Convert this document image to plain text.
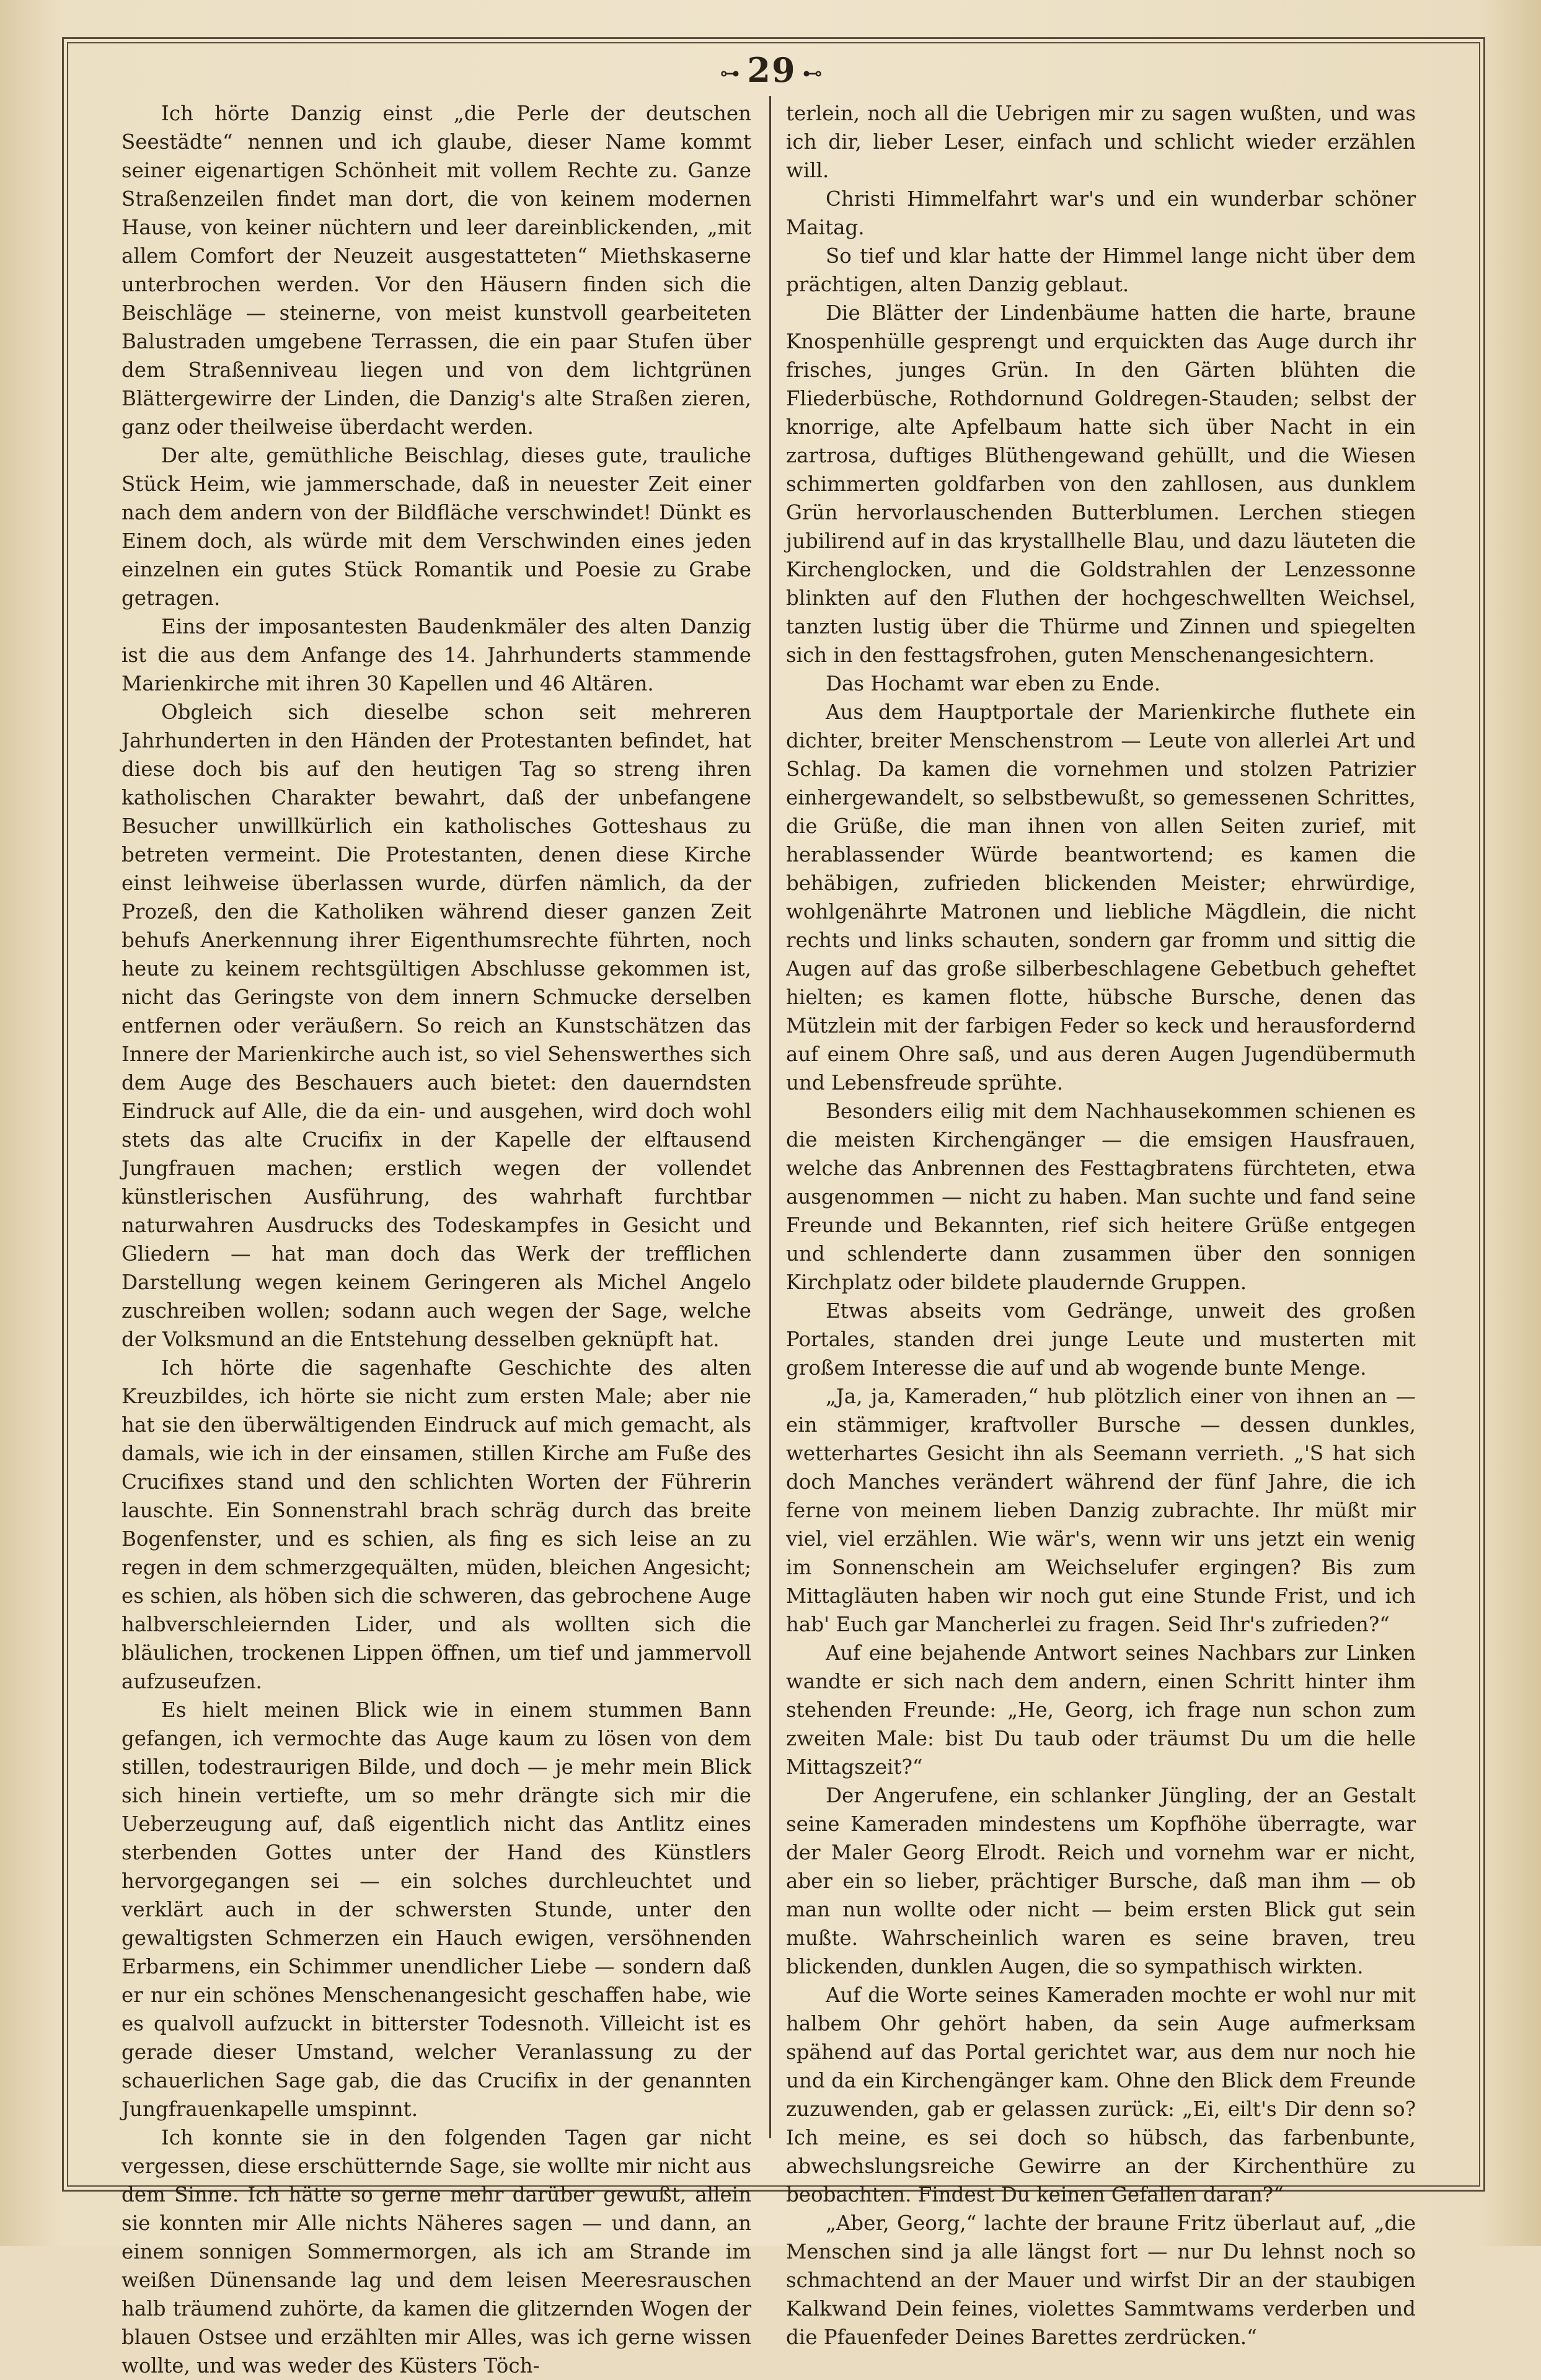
⊶ 29 ⊷

Ich hörte Danzig einst „die Perle der deutschen Seestädte“ nennen und ich glaube, dieser Name kommt seiner eigenartigen Schönheit mit vollem Rechte zu. Ganze Straßenzeilen findet man dort, die von keinem modernen Hause, von keiner nüchtern und leer dareinblickenden, „mit allem Comfort der Neuzeit ausgestatteten“ Miethskaserne unterbrochen werden. Vor den Häusern finden sich die Beischläge — steinerne, von meist kunstvoll gearbeiteten Balustraden umgebene Terrassen, die ein paar Stufen über dem Straßenniveau liegen und von dem lichtgrünen Blättergewirre der Linden, die Danzig's alte Straßen zieren, ganz oder theilweise überdacht werden.

Der alte, gemüthliche Beischlag, dieses gute, trauliche Stück Heim, wie jammerschade, daß in neuester Zeit einer nach dem andern von der Bildfläche verschwindet! Dünkt es Einem doch, als würde mit dem Verschwinden eines jeden einzelnen ein gutes Stück Romantik und Poesie zu Grabe getragen.

Eins der imposantesten Baudenkmäler des alten Danzig ist die aus dem Anfange des 14. Jahrhunderts stammende Marienkirche mit ihren 30 Kapellen und 46 Altären.

Obgleich sich dieselbe schon seit mehreren Jahrhunderten in den Händen der Protestanten befindet, hat diese doch bis auf den heutigen Tag so streng ihren katholischen Charakter bewahrt, daß der unbefangene Besucher unwillkürlich ein katholisches Gotteshaus zu betreten vermeint. Die Protestanten, denen diese Kirche einst leihweise überlassen wurde, dürfen nämlich, da der Prozeß, den die Katholiken während dieser ganzen Zeit behufs Anerkennung ihrer Eigenthumsrechte führten, noch heute zu keinem rechtsgültigen Abschlusse gekommen ist, nicht das Geringste von dem innern Schmucke derselben entfernen oder veräußern. So reich an Kunstschätzen das Innere der Marienkirche auch ist, so viel Sehenswerthes sich dem Auge des Beschauers auch bietet: den dauerndsten Eindruck auf Alle, die da ein- und ausgehen, wird doch wohl stets das alte Crucifix in der Kapelle der elftausend Jungfrauen machen; erstlich wegen der vollendet künstlerischen Ausführung, des wahrhaft furchtbar naturwahren Ausdrucks des Todeskampfes in Gesicht und Gliedern — hat man doch das Werk der trefflichen Darstellung wegen keinem Geringeren als Michel Angelo zuschreiben wollen; sodann auch wegen der Sage, welche der Volksmund an die Entstehung desselben geknüpft hat.

Ich hörte die sagenhafte Geschichte des alten Kreuzbildes, ich hörte sie nicht zum ersten Male; aber nie hat sie den überwältigenden Eindruck auf mich gemacht, als damals, wie ich in der einsamen, stillen Kirche am Fuße des Crucifixes stand und den schlichten Worten der Führerin lauschte. Ein Sonnenstrahl brach schräg durch das breite Bogenfenster, und es schien, als fing es sich leise an zu regen in dem schmerzgequälten, müden, bleichen Angesicht; es schien, als höben sich die schweren, das gebrochene Auge halbverschleiernden Lider, und als wollten sich die bläulichen, trockenen Lippen öffnen, um tief und jammervoll aufzuseufzen.

Es hielt meinen Blick wie in einem stummen Bann gefangen, ich vermochte das Auge kaum zu lösen von dem stillen, todestraurigen Bilde, und doch — je mehr mein Blick sich hinein vertiefte, um so mehr drängte sich mir die Ueberzeugung auf, daß eigentlich nicht das Antlitz eines sterbenden Gottes unter der Hand des Künstlers hervorgegangen sei — ein solches durchleuchtet und verklärt auch in der schwersten Stunde, unter den gewaltigsten Schmerzen ein Hauch ewigen, versöhnenden Erbarmens, ein Schimmer unendlicher Liebe — sondern daß er nur ein schönes Menschenangesicht geschaffen habe, wie es qualvoll aufzuckt in bitterster Todesnoth. Villeicht ist es gerade dieser Umstand, welcher Veranlassung zu der schauerlichen Sage gab, die das Crucifix in der genannten Jungfrauenkapelle umspinnt.

Ich konnte sie in den folgenden Tagen gar nicht vergessen, diese erschütternde Sage, sie wollte mir nicht aus dem Sinne. Ich hätte so gerne mehr darüber gewußt, allein sie konnten mir Alle nichts Näheres sagen — und dann, an einem sonnigen Sommermorgen, als ich am Strande im weißen Dünensande lag und dem leisen Meeresrauschen halb träumend zuhörte, da kamen die glitzernden Wogen der blauen Ostsee und erzählten mir Alles, was ich gerne wissen wollte, und was weder des Küsters Töch-

terlein, noch all die Uebrigen mir zu sagen wußten, und was ich dir, lieber Leser, einfach und schlicht wieder erzählen will.

Christi Himmelfahrt war's und ein wunderbar schöner Maitag.

So tief und klar hatte der Himmel lange nicht über dem prächtigen, alten Danzig geblaut.

Die Blätter der Lindenbäume hatten die harte, braune Knospenhülle gesprengt und erquickten das Auge durch ihr frisches, junges Grün. In den Gärten blühten die Fliederbüsche, Rothdornund Goldregen-Stauden; selbst der knorrige, alte Apfelbaum hatte sich über Nacht in ein zartrosa, duftiges Blüthengewand gehüllt, und die Wiesen schimmerten goldfarben von den zahllosen, aus dunklem Grün hervorlauschenden Butterblumen. Lerchen stiegen jubilirend auf in das krystallhelle Blau, und dazu läuteten die Kirchenglocken, und die Goldstrahlen der Lenzessonne blinkten auf den Fluthen der hochgeschwellten Weichsel, tanzten lustig über die Thürme und Zinnen und spiegelten sich in den festtagsfrohen, guten Menschenangesichtern.

Das Hochamt war eben zu Ende.

Aus dem Hauptportale der Marienkirche fluthete ein dichter, breiter Menschenstrom — Leute von allerlei Art und Schlag. Da kamen die vornehmen und stolzen Patrizier einhergewandelt, so selbstbewußt, so gemessenen Schrittes, die Grüße, die man ihnen von allen Seiten zurief, mit herablassender Würde beantwortend; es kamen die behäbigen, zufrieden blickenden Meister; ehrwürdige, wohlgenährte Matronen und liebliche Mägdlein, die nicht rechts und links schauten, sondern gar fromm und sittig die Augen auf das große silberbeschlagene Gebetbuch geheftet hielten; es kamen flotte, hübsche Bursche, denen das Mützlein mit der farbigen Feder so keck und herausfordernd auf einem Ohre saß, und aus deren Augen Jugendübermuth und Lebensfreude sprühte.

Besonders eilig mit dem Nachhausekommen schienen es die meisten Kirchengänger — die emsigen Hausfrauen, welche das Anbrennen des Festtagbratens fürchteten, etwa ausgenommen — nicht zu haben. Man suchte und fand seine Freunde und Bekannten, rief sich heitere Grüße entgegen und schlenderte dann zusammen über den sonnigen Kirchplatz oder bildete plaudernde Gruppen.

Etwas abseits vom Gedränge, unweit des großen Portales, standen drei junge Leute und musterten mit großem Interesse die auf und ab wogende bunte Menge.

„Ja, ja, Kameraden,“ hub plötzlich einer von ihnen an — ein stämmiger, kraftvoller Bursche — dessen dunkles, wetterhartes Gesicht ihn als Seemann verrieth. „'S hat sich doch Manches verändert während der fünf Jahre, die ich ferne von meinem lieben Danzig zubrachte. Ihr müßt mir viel, viel erzählen. Wie wär's, wenn wir uns jetzt ein wenig im Sonnenschein am Weichselufer ergingen? Bis zum Mittagläuten haben wir noch gut eine Stunde Frist, und ich hab' Euch gar Mancherlei zu fragen. Seid Ihr's zufrieden?“

Auf eine bejahende Antwort seines Nachbars zur Linken wandte er sich nach dem andern, einen Schritt hinter ihm stehenden Freunde: „He, Georg, ich frage nun schon zum zweiten Male: bist Du taub oder träumst Du um die helle Mittagszeit?“

Der Angerufene, ein schlanker Jüngling, der an Gestalt seine Kameraden mindestens um Kopfhöhe überragte, war der Maler Georg Elrodt. Reich und vornehm war er nicht, aber ein so lieber, prächtiger Bursche, daß man ihm — ob man nun wollte oder nicht — beim ersten Blick gut sein mußte. Wahrscheinlich waren es seine braven, treu blickenden, dunklen Augen, die so sympathisch wirkten.

Auf die Worte seines Kameraden mochte er wohl nur mit halbem Ohr gehört haben, da sein Auge aufmerksam spähend auf das Portal gerichtet war, aus dem nur noch hie und da ein Kirchengänger kam. Ohne den Blick dem Freunde zuzuwenden, gab er gelassen zurück: „Ei, eilt's Dir denn so? Ich meine, es sei doch so hübsch, das farbenbunte, abwechslungsreiche Gewirre an der Kirchenthüre zu beobachten. Findest Du keinen Gefallen daran?“

„Aber, Georg,“ lachte der braune Fritz überlaut auf, „die Menschen sind ja alle längst fort — nur Du lehnst noch so schmachtend an der Mauer und wirfst Dir an der staubigen Kalkwand Dein feines, violettes Sammtwams verderben und die Pfauenfeder Deines Barettes zerdrücken.“
